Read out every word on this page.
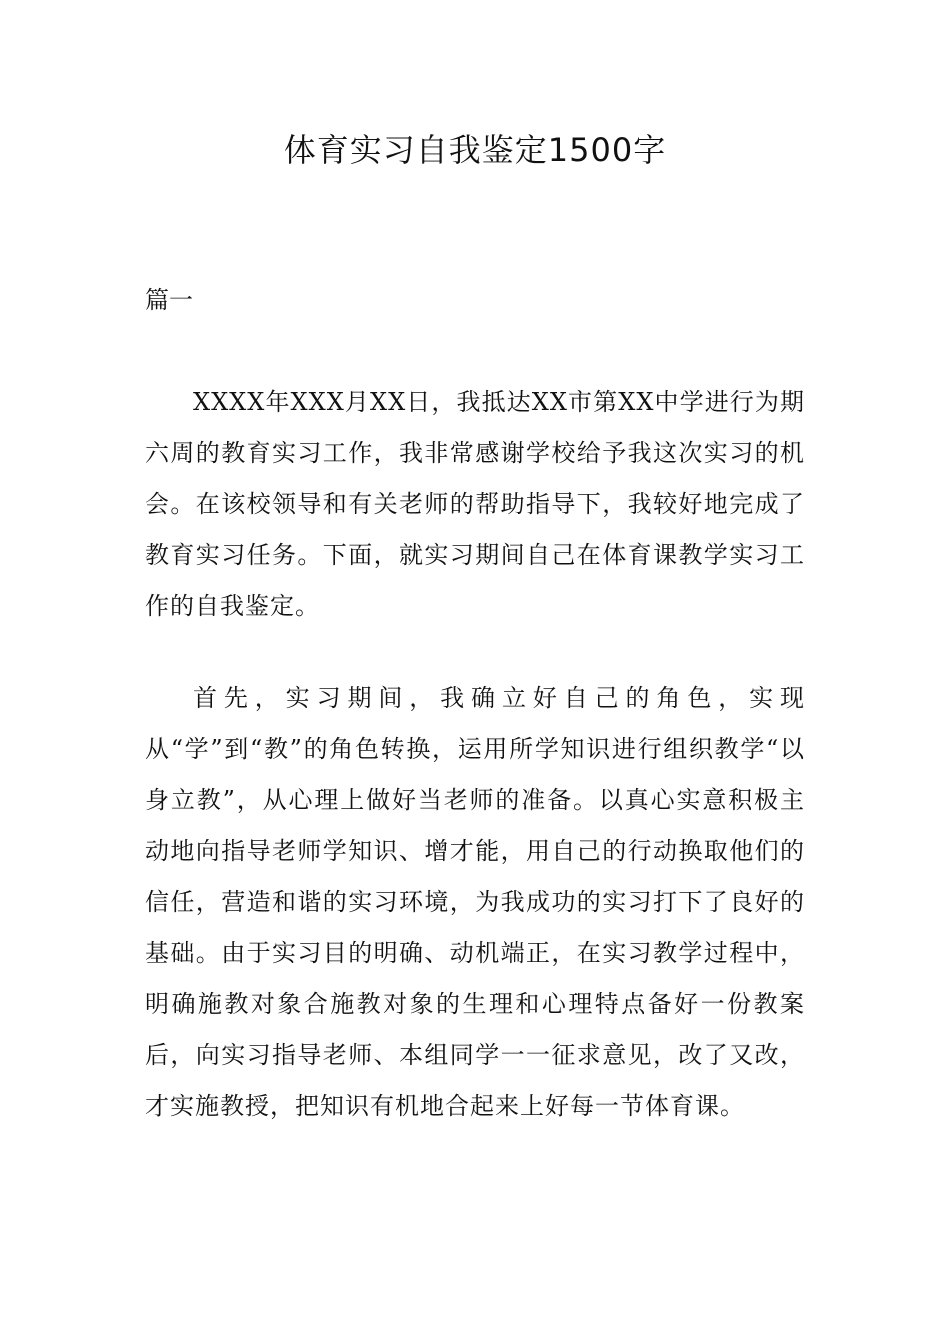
体育实习自我鉴定1500字

篇一

XXXX年XXX月XX日，我抵达XX市第XX中学进行为期六周的教育实习工作，我非常感谢学校给予我这次实习的机会。在该校领导和有关老师的帮助指导下，我较好地完成了教育实习任务。下面，就实习期间自己在体育课教学实习工作的自我鉴定。

首先，实习期间，我确立好自己的角色，实现从“学”到“教”的角色转换，运用所学知识进行组织教学“以身立教”，从心理上做好当老师的准备。以真心实意积极主动地向指导老师学知识、增才能，用自己的行动换取他们的信任，营造和谐的实习环境，为我成功的实习打下了良好的基础。由于实习目的明确、动机端正，在实习教学过程中，明确施教对象合施教对象的生理和心理特点备好一份教案后，向实习指导老师、本组同学一一征求意见，改了又改，才实施教授，把知识有机地合起来上好每一节体育课。
